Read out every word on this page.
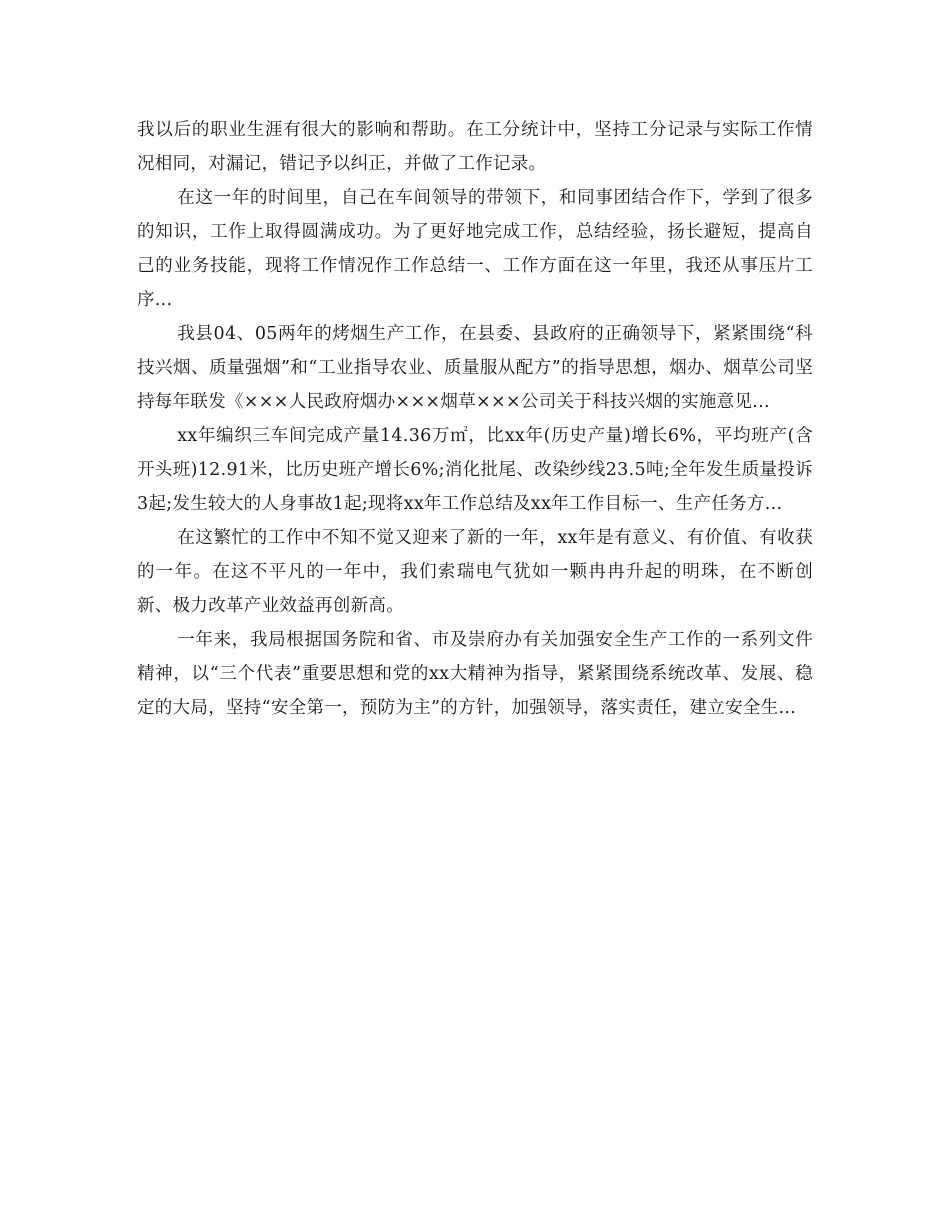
我以后的职业生涯有很大的影响和帮助。在工分统计中，坚持工分记录与实际工作情况相同，对漏记，错记予以纠正，并做了工作记录。

在这一年的时间里，自己在车间领导的带领下，和同事团结合作下，学到了很多的知识，工作上取得圆满成功。为了更好地完成工作，总结经验，扬长避短，提高自己的业务技能，现将工作情况作工作总结一、工作方面在这一年里，我还从事压片工序...

我县04、05两年的烤烟生产工作，在县委、县政府的正确领导下，紧紧围绕“科技兴烟、质量强烟”和“工业指导农业、质量服从配方”的指导思想，烟办、烟草公司坚持每年联发《×××人民政府烟办×××烟草×××公司关于科技兴烟的实施意见...

xx年编织三车间完成产量14.36万㎡，比xx年(历史产量)增长6%，平均班产(含开头班)12.91米，比历史班产增长6%;消化批尾、改染纱线23.5吨;全年发生质量投诉3起;发生较大的人身事故1起;现将xx年工作总结及xx年工作目标一、生产任务方...

在这繁忙的工作中不知不觉又迎来了新的一年，xx年是有意义、有价值、有收获的一年。在这不平凡的一年中，我们索瑞电气犹如一颗冉冉升起的明珠，在不断创新、极力改革产业效益再创新高。

一年来，我局根据国务院和省、市及崇府办有关加强安全生产工作的一系列文件精神，以“三个代表”重要思想和党的xx大精神为指导，紧紧围绕系统改革、发展、稳定的大局，坚持“安全第一，预防为主”的方针，加强领导，落实责任，建立安全生...
